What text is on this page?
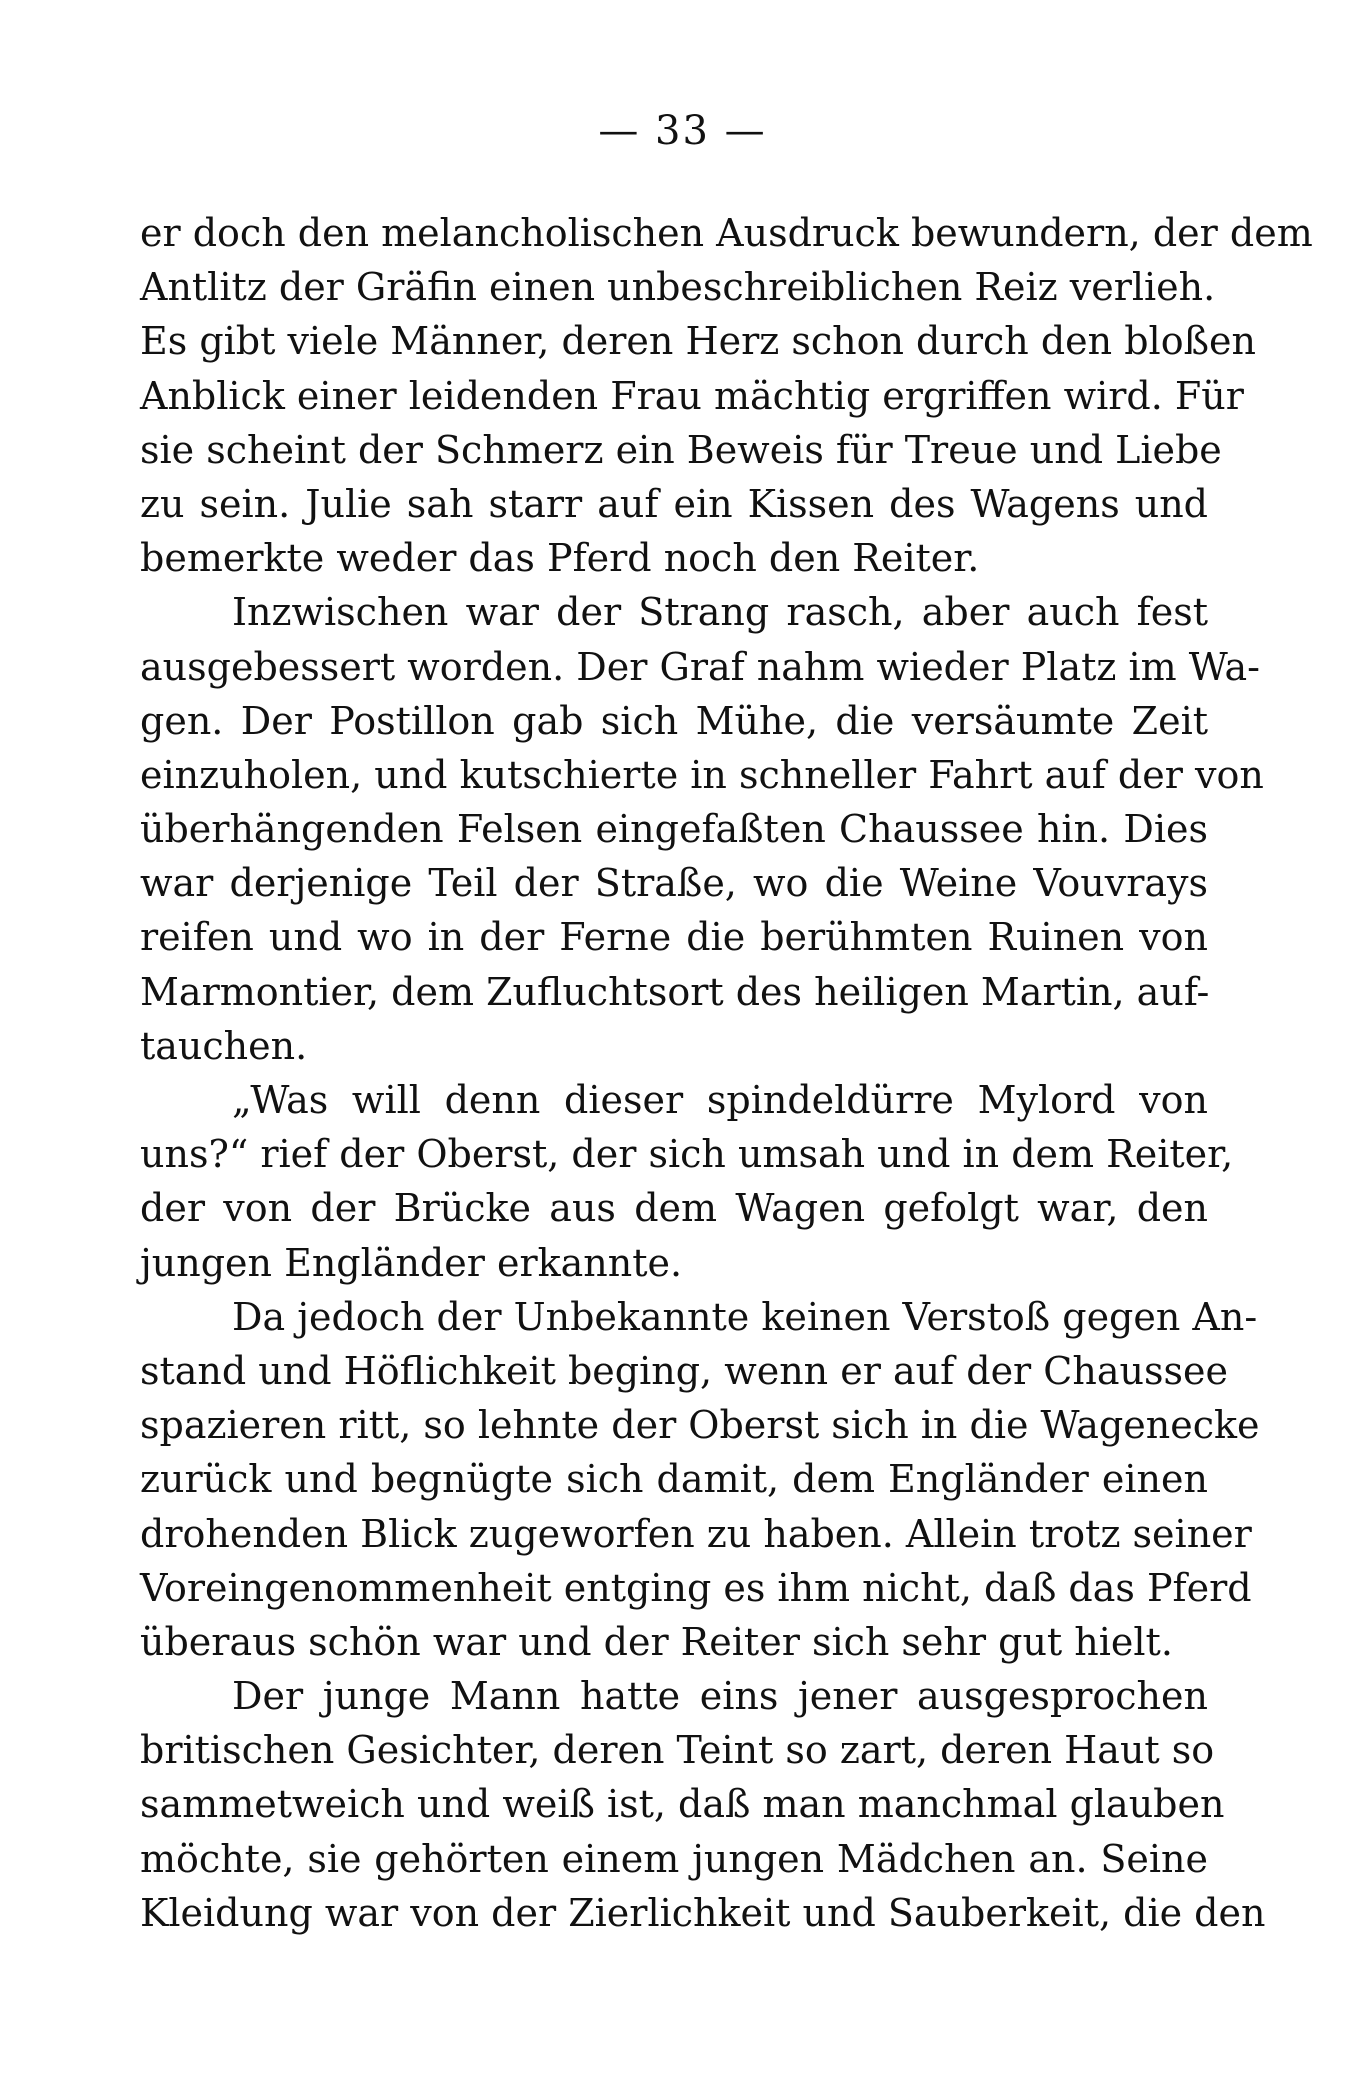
— 33 —
er doch den melancholischen Ausdruck bewundern, der dem
Antlitz der Gräfin einen unbeschreiblichen Reiz verlieh.
Es gibt viele Männer, deren Herz schon durch den bloßen
Anblick einer leidenden Frau mächtig ergriffen wird. Für
sie scheint der Schmerz ein Beweis für Treue und Liebe
zu sein. Julie sah starr auf ein Kissen des Wagens und
bemerkte weder das Pferd noch den Reiter.
Inzwischen war der Strang rasch, aber auch fest
ausgebessert worden. Der Graf nahm wieder Platz im Wa-
gen. Der Postillon gab sich Mühe, die versäumte Zeit
einzuholen, und kutschierte in schneller Fahrt auf der von
überhängenden Felsen eingefaßten Chaussee hin. Dies
war derjenige Teil der Straße, wo die Weine Vouvrays
reifen und wo in der Ferne die berühmten Ruinen von
Marmontier, dem Zufluchtsort des heiligen Martin, auf-
tauchen.
„Was will denn dieser spindeldürre Mylord von
uns?“ rief der Oberst, der sich umsah und in dem Reiter,
der von der Brücke aus dem Wagen gefolgt war, den
jungen Engländer erkannte.
Da jedoch der Unbekannte keinen Verstoß gegen An-
stand und Höflichkeit beging, wenn er auf der Chaussee
spazieren ritt, so lehnte der Oberst sich in die Wagenecke
zurück und begnügte sich damit, dem Engländer einen
drohenden Blick zugeworfen zu haben. Allein trotz seiner
Voreingenommenheit entging es ihm nicht, daß das Pferd
überaus schön war und der Reiter sich sehr gut hielt.
Der junge Mann hatte eins jener ausgesprochen
britischen Gesichter, deren Teint so zart, deren Haut so
sammetweich und weiß ist, daß man manchmal glauben
möchte, sie gehörten einem jungen Mädchen an. Seine
Kleidung war von der Zierlichkeit und Sauberkeit, die den
